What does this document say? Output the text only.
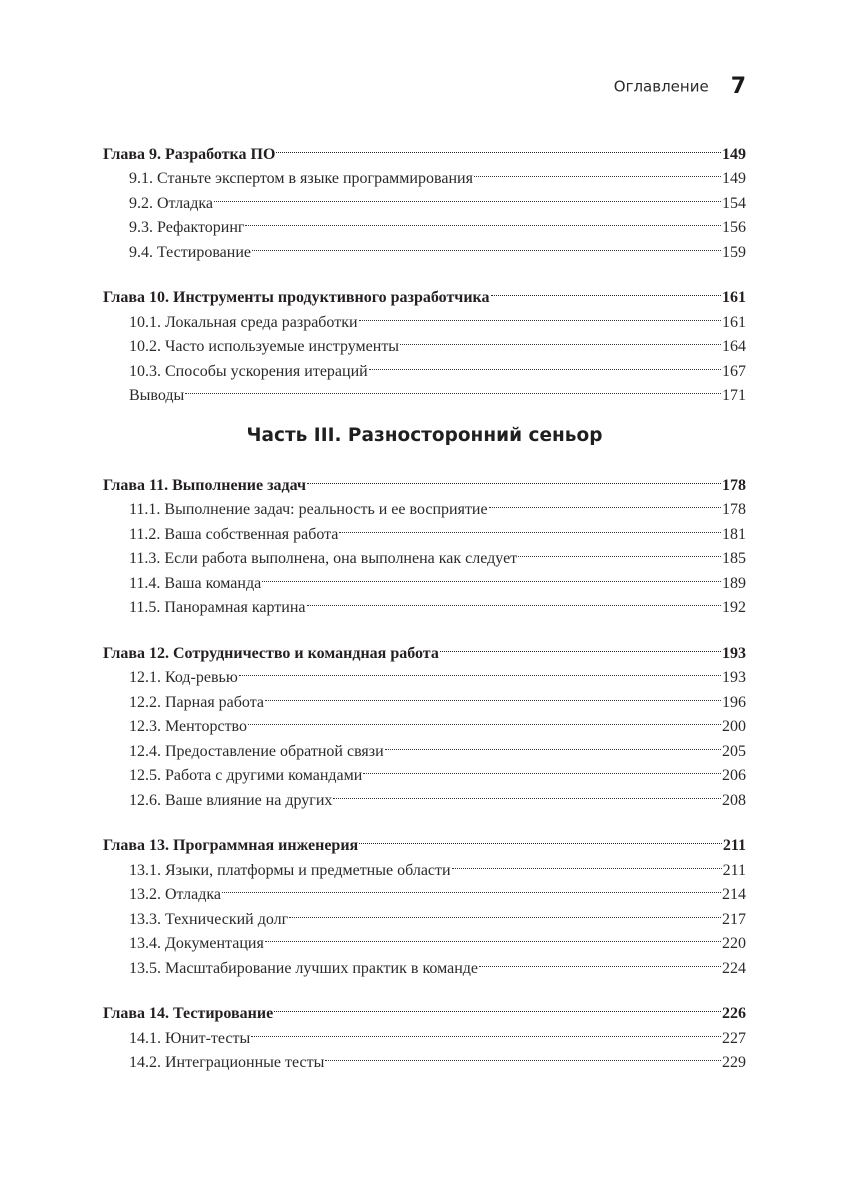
Оглавление 7
Глава 9. Разработка ПО	149
9.1. Станьте экспертом в языке программирования	149
9.2. Отладка	154
9.3. Рефакторинг	156
9.4. Тестирование	159
Глава 10. Инструменты продуктивного разработчика	161
10.1. Локальная среда разработки	161
10.2. Часто используемые инструменты	164
10.3. Способы ускорения итераций	167
Выводы	171
Часть III. Разносторонний сеньор
Глава 11. Выполнение задач	178
11.1. Выполнение задач: реальность и ее восприятие	178
11.2. Ваша собственная работа	181
11.3. Если работа выполнена, она выполнена как следует	185
11.4. Ваша команда	189
11.5. Панорамная картина	192
Глава 12. Сотрудничество и командная работа	193
12.1. Код-ревью	193
12.2. Парная работа	196
12.3. Менторство	200
12.4. Предоставление обратной связи	205
12.5. Работа с другими командами	206
12.6. Ваше влияние на других	208
Глава 13. Программная инженерия	211
13.1. Языки, платформы и предметные области	211
13.2. Отладка	214
13.3. Технический долг	217
13.4. Документация	220
13.5. Масштабирование лучших практик в команде	224
Глава 14. Тестирование	226
14.1. Юнит-тесты	227
14.2. Интеграционные тесты	229
